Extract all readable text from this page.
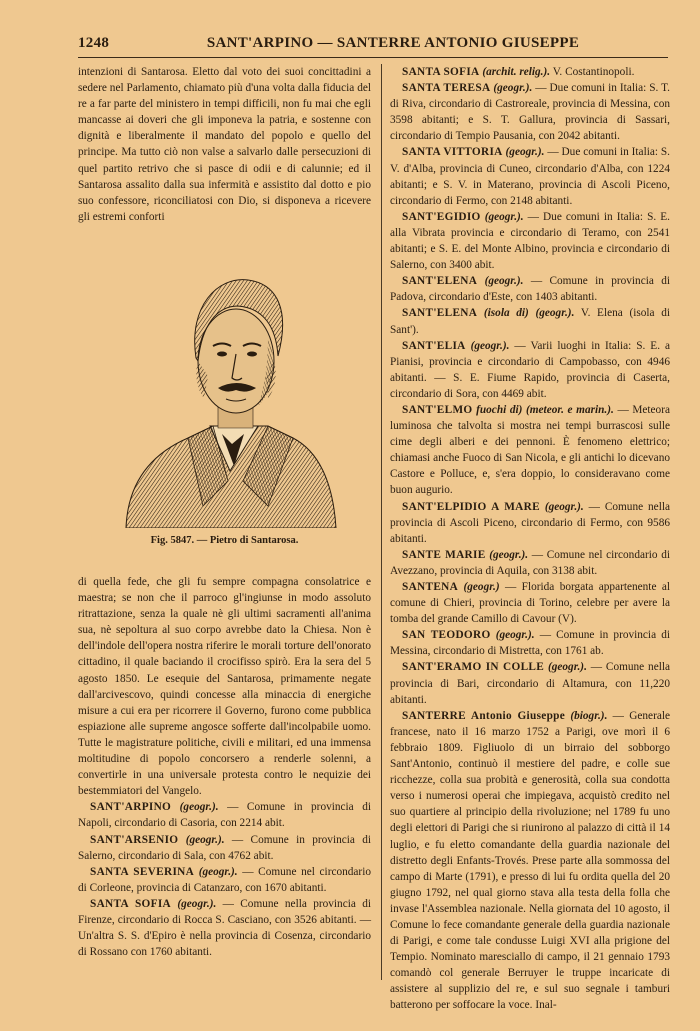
1248	SANT'ARPINO — SANTERRE ANTONIO GIUSEPPE

intenzioni di Santarosa. Eletto dal voto dei suoi concittadini a sedere nel Parlamento, chiamato più d'una volta dalla fiducia del re a far parte del ministero in tempi difficili, non fu mai che egli mancasse ai doveri che gli imponeva la patria, e sostenne con dignità e liberalmente il mandato del popolo e quello del principe. Ma tutto ciò non valse a salvarlo dalle persecuzioni di quel partito retrivo che si pasce di odii e di calunnie; ed il Santarosa assalito dalla sua infermità e assistito dal dotto e pio suo confessore, riconciliatosi con Dio, si disponeva a ricevere gli estremi conforti

Fig. 5847. — Pietro di Santarosa.

di quella fede, che gli fu sempre compagna consolatrice e maestra; se non che il parroco gl'ingiunse in modo assoluto ritrattazione, senza la quale nè gli ultimi sacramenti all'anima sua, nè sepoltura al suo corpo avrebbe dato la Chiesa. Non è dell'indole dell'opera nostra riferire le morali torture dell'onorato cittadino, il quale baciando il crocifisso spirò. Era la sera del 5 agosto 1850. Le esequie del Santarosa, primamente negate dall'arcivescovo, quindi concesse alla minaccia di energiche misure a cui era per ricorrere il Governo, furono come pubblica espiazione alle supreme angosce sofferte dall'incolpabile uomo. Tutte le magistrature politiche, civili e militari, ed una immensa moltitudine di popolo concorsero a renderle solenni, a convertirle in una universale protesta contro le nequizie dei bestemmiatori del Vangelo.

SANT'ARPINO (geogr.). — Comune in provincia di Napoli, circondario di Casoria, con 2214 abit.

SANT'ARSENIO (geogr.). — Comune in provincia di Salerno, circondario di Sala, con 4762 abit.

SANTA SEVERINA (geogr.). — Comune nel circondario di Corleone, provincia di Catanzaro, con 1670 abitanti.

SANTA SOFIA (geogr.). — Comune nella provincia di Firenze, circondario di Rocca S. Casciano, con 3526 abitanti. — Un'altra S. S. d'Epiro è nella provincia di Cosenza, circondario di Rossano con 1760 abitanti.

SANTA SOFIA (archit. relig.). V. Costantinopoli.

SANTA TERESA (geogr.). — Due comuni in Italia: S. T. di Riva, circondario di Castroreale, provincia di Messina, con 3598 abitanti; e S. T. Gallura, provincia di Sassari, circondario di Tempio Pausania, con 2042 abitanti.

SANTA VITTORIA (geogr.). — Due comuni in Italia: S. V. d'Alba, provincia di Cuneo, circondario d'Alba, con 1224 abitanti; e S. V. in Materano, provincia di Ascoli Piceno, circondario di Fermo, con 2148 abitanti.

SANT'EGIDIO (geogr.). — Due comuni in Italia: S. E. alla Vibrata provincia e circondario di Teramo, con 2541 abitanti; e S. E. del Monte Albino, provincia e circondario di Salerno, con 3400 abit.

SANT'ELENA (geogr.). — Comune in provincia di Padova, circondario d'Este, con 1403 abitanti.

SANT'ELENA (isola di) (geogr.). V. Elena (isola di Sant').

SANT'ELIA (geogr.). — Varii luoghi in Italia: S. E. a Pianisi, provincia e circondario di Campobasso, con 4946 abitanti. — S. E. Fiume Rapido, provincia di Caserta, circondario di Sora, con 4469 abit.

SANT'ELMO fuochi di) (meteor. e marin.). — Meteora luminosa che talvolta si mostra nei tempi burrascosi sulle cime degli alberi e dei pennoni. È fenomeno elettrico; chiamasi anche Fuoco di San Nicola, e gli antichi lo dicevano Castore e Polluce, e, s'era doppio, lo consideravano come buon augurio.

SANT'ELPIDIO A MARE (geogr.). — Comune nella provincia di Ascoli Piceno, circondario di Fermo, con 9586 abitanti.

SANTE MARIE (geogr.). — Comune nel circondario di Avezzano, provincia di Aquila, con 3138 abit.

SANTENA (geogr.) — Florida borgata appartenente al comune di Chieri, provincia di Torino, celebre per avere la tomba del grande Camillo di Cavour (V).

SAN TEODORO (geogr.). — Comune in provincia di Messina, circondario di Mistretta, con 1761 ab.

SANT'ERAMO IN COLLE (geogr.). — Comune nella provincia di Bari, circondario di Altamura, con 11,220 abitanti.

SANTERRE Antonio Giuseppe (biogr.). — Generale francese, nato il 16 marzo 1752 a Parigi, ove morì il 6 febbraio 1809. Figliuolo di un birraio del sobborgo Sant'Antonio, continuò il mestiere del padre, e colle sue ricchezze, colla sua probità e generosità, colla sua condotta verso i numerosi operai che impiegava, acquistò credito nel suo quartiere al principio della rivoluzione; nel 1789 fu uno degli elettori di Parigi che si riunirono al palazzo di città il 14 luglio, e fu eletto comandante della guardia nazionale del distretto degli Enfants-Trovés. Prese parte alla sommossa del campo di Marte (1791), e presso di lui fu ordita quella del 20 giugno 1792, nel qual giorno stava alla testa della folla che invase l'Assemblea nazionale. Nella giornata del 10 agosto, il Comune lo fece comandante generale della guardia nazionale di Parigi, e come tale condusse Luigi XVI alla prigione del Tempio. Nominato maresciallo di campo, il 21 gennaio 1793 comandò col generale Berruyer le truppe incaricate di assistere al supplizio del re, e sul suo segnale i tamburi batterono per soffocare la voce. Inal-
